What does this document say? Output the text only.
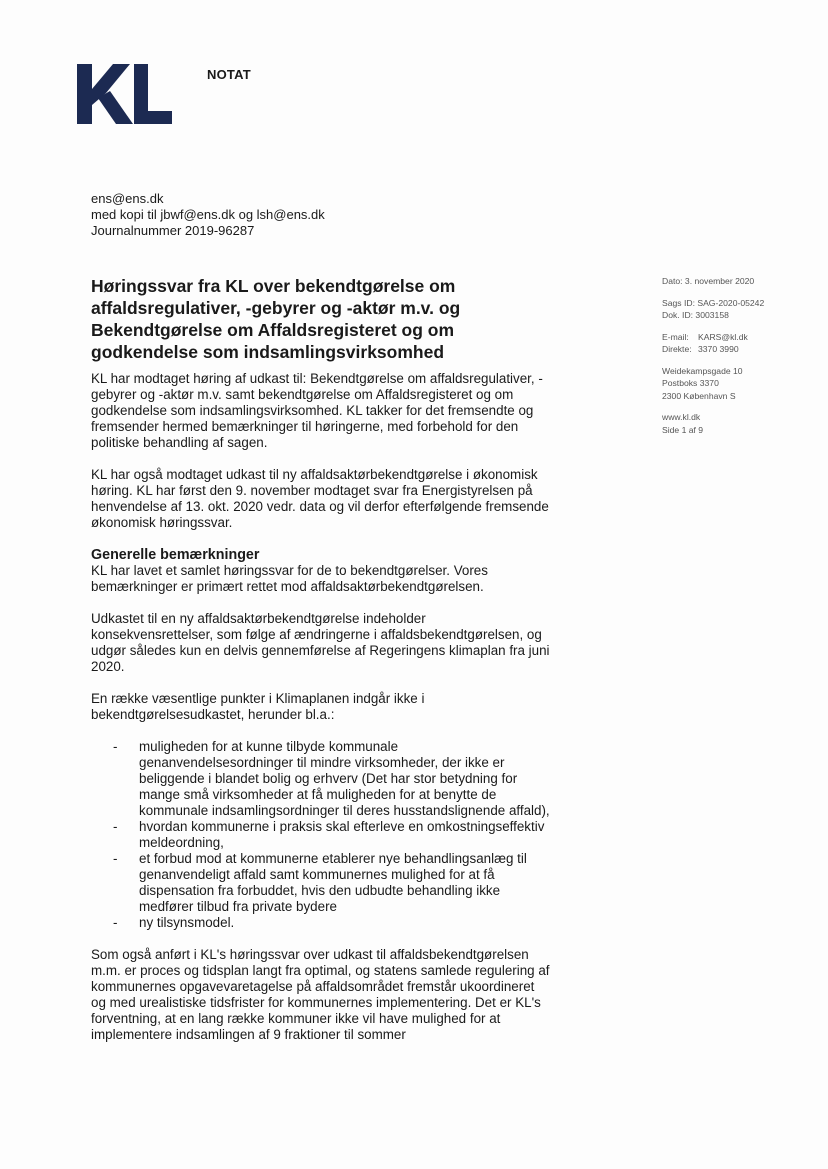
NOTAT
ens@ens.dk
med kopi til jbwf@ens.dk og lsh@ens.dk
Journalnummer 2019-96287
Høringssvar fra KL over bekendtgørelse om affaldsregulativer, -gebyrer og -aktør m.v. og Bekendtgørelse om Affaldsregisteret og om godkendelse som indsamlingsvirksomhed
Dato: 3. november 2020
Sags ID: SAG-2020-05242
Dok. ID: 3003158
E-mail: KARS@kl.dk
Direkte: 3370 3990
Weidekampsgade 10
Postboks 3370
2300 København S
www.kl.dk
Side 1 af 9

KL har modtaget høring af udkast til: Bekendtgørelse om affaldsregulativer, -gebyrer og -aktør m.v. samt bekendtgørelse om Affaldsregisteret og om godkendelse som indsamlingsvirksomhed. KL takker for det fremsendte og fremsender hermed bemærkninger til høringerne, med forbehold for den politiske behandling af sagen.

KL har også modtaget udkast til ny affaldsaktørbekendtgørelse i økonomisk høring. KL har først den 9. november modtaget svar fra Energistyrelsen på henvendelse af 13. okt. 2020 vedr. data og vil derfor efterfølgende fremsende økonomisk høringssvar.

Generelle bemærkninger

KL har lavet et samlet høringssvar for de to bekendtgørelser. Vores bemærkninger er primært rettet mod affaldsaktørbekendtgørelsen.

Udkastet til en ny affaldsaktørbekendtgørelse indeholder konsekvensrettelser, som følge af ændringerne i affaldsbekendtgørelsen, og udgør således kun en delvis gennemførelse af Regeringens klimaplan fra juni 2020.

En række væsentlige punkter i Klimaplanen indgår ikke i bekendtgørelsesudkastet, herunder bl.a.:

- muligheden for at kunne tilbyde kommunale genanvendelsesordninger til mindre virksomheder, der ikke er beliggende i blandet bolig og erhverv (Det har stor betydning for mange små virksomheder at få muligheden for at benytte de kommunale indsamlingsordninger til deres husstandslignende affald),
- hvordan kommunerne i praksis skal efterleve en omkostningseffektiv meldeordning,
- et forbud mod at kommunerne etablerer nye behandlingsanlæg til genanvendeligt affald samt kommunernes mulighed for at få dispensation fra forbuddet, hvis den udbudte behandling ikke medfører tilbud fra private bydere
- ny tilsynsmodel.

Som også anført i KL's høringssvar over udkast til affaldsbekendtgørelsen m.m. er proces og tidsplan langt fra optimal, og statens samlede regulering af kommunernes opgavevaretagelse på affaldsområdet fremstår ukoordineret og med urealistiske tidsfrister for kommunernes implementering. Det er KL's forventning, at en lang række kommuner ikke vil have mulighed for at implementere indsamlingen af 9 fraktioner til sommer
